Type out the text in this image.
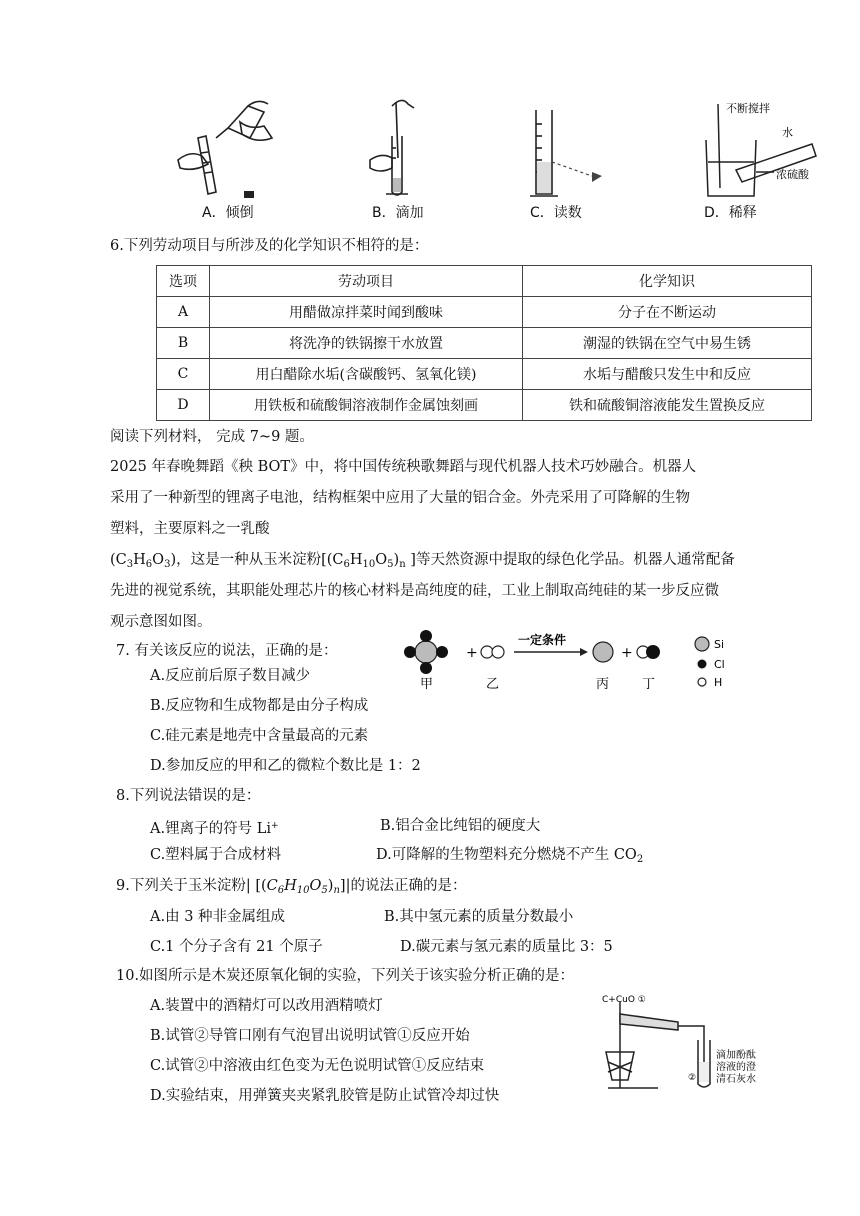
A．倾倒	B．滴加	C．读数
不断搅拌
水
浓硫酸
D．稀释
6.下列劳动项目与所涉及的化学知识不相符的是：
选项	劳动项目	化学知识
A	用醋做凉拌菜时闻到酸味	分子在不断运动
B	将洗净的铁锅擦干水放置	潮湿的铁锅在空气中易生锈
C	用白醋除水垢(含碳酸钙、氢氧化镁)	水垢与醋酸只发生中和反应
D	用铁板和硫酸铜溶液制作金属蚀刻画	铁和硫酸铜溶液能发生置换反应
阅读下列材料， 完成 7~9 题。
2025 年春晚舞蹈《秧 BOT》中，将中国传统秧歌舞蹈与现代机器人技术巧妙融合。机器人
采用了一种新型的锂离子电池，结构框架中应用了大量的铝合金。外壳采用了可降解的生物
塑料，主要原料之一乳酸
$(C_3H_6O_3)$，这是一种从玉米淀粉[$(C_6H_{10}O_5)_n$ ]等天然资源中提取的绿色化学品。机器人通常配备
先进的视觉系统，其职能处理芯片的核心材料是高纯度的硅，工业上制取高纯硅的某一步反应微
观示意图如图。
+
一定条件
+
甲	乙	丙	丁
Si
Cl
H
7. 有关该反应的说法，正确的是：
A.反应前后原子数目减少
B.反应物和生成物都是由分子构成
C.硅元素是地壳中含量最高的元素
D.参加反应的甲和乙的微粒个数比是 1：2
8.下列说法错误的是：
A.锂离子的符号 Li+	B.铝合金比纯铝的硬度大
C.塑料属于合成材料	D.可降解的生物塑料充分燃烧不产生 $CO_2$
9.下列关于玉米淀粉| $[(C_6H_{10}O_5)_n]|$的说法正确的是：
A.由 3 种非金属组成	B.其中氢元素的质量分数最小
C.1 个分子含有 21 个原子	D.碳元素与氢元素的质量比 3：5
10.如图所示是木炭还原氧化铜的实验，下列关于该实验分析正确的是：
A.装置中的酒精灯可以改用酒精喷灯
B.试管②导管口刚有气泡冒出说明试管①反应开始
C.试管②中溶液由红色变为无色说明试管①反应结束
D.实验结束，用弹簧夹夹紧乳胶管是防止试管冷却过快
C+CuO ①
②
滴加酚酞
溶液的澄
清石灰水
